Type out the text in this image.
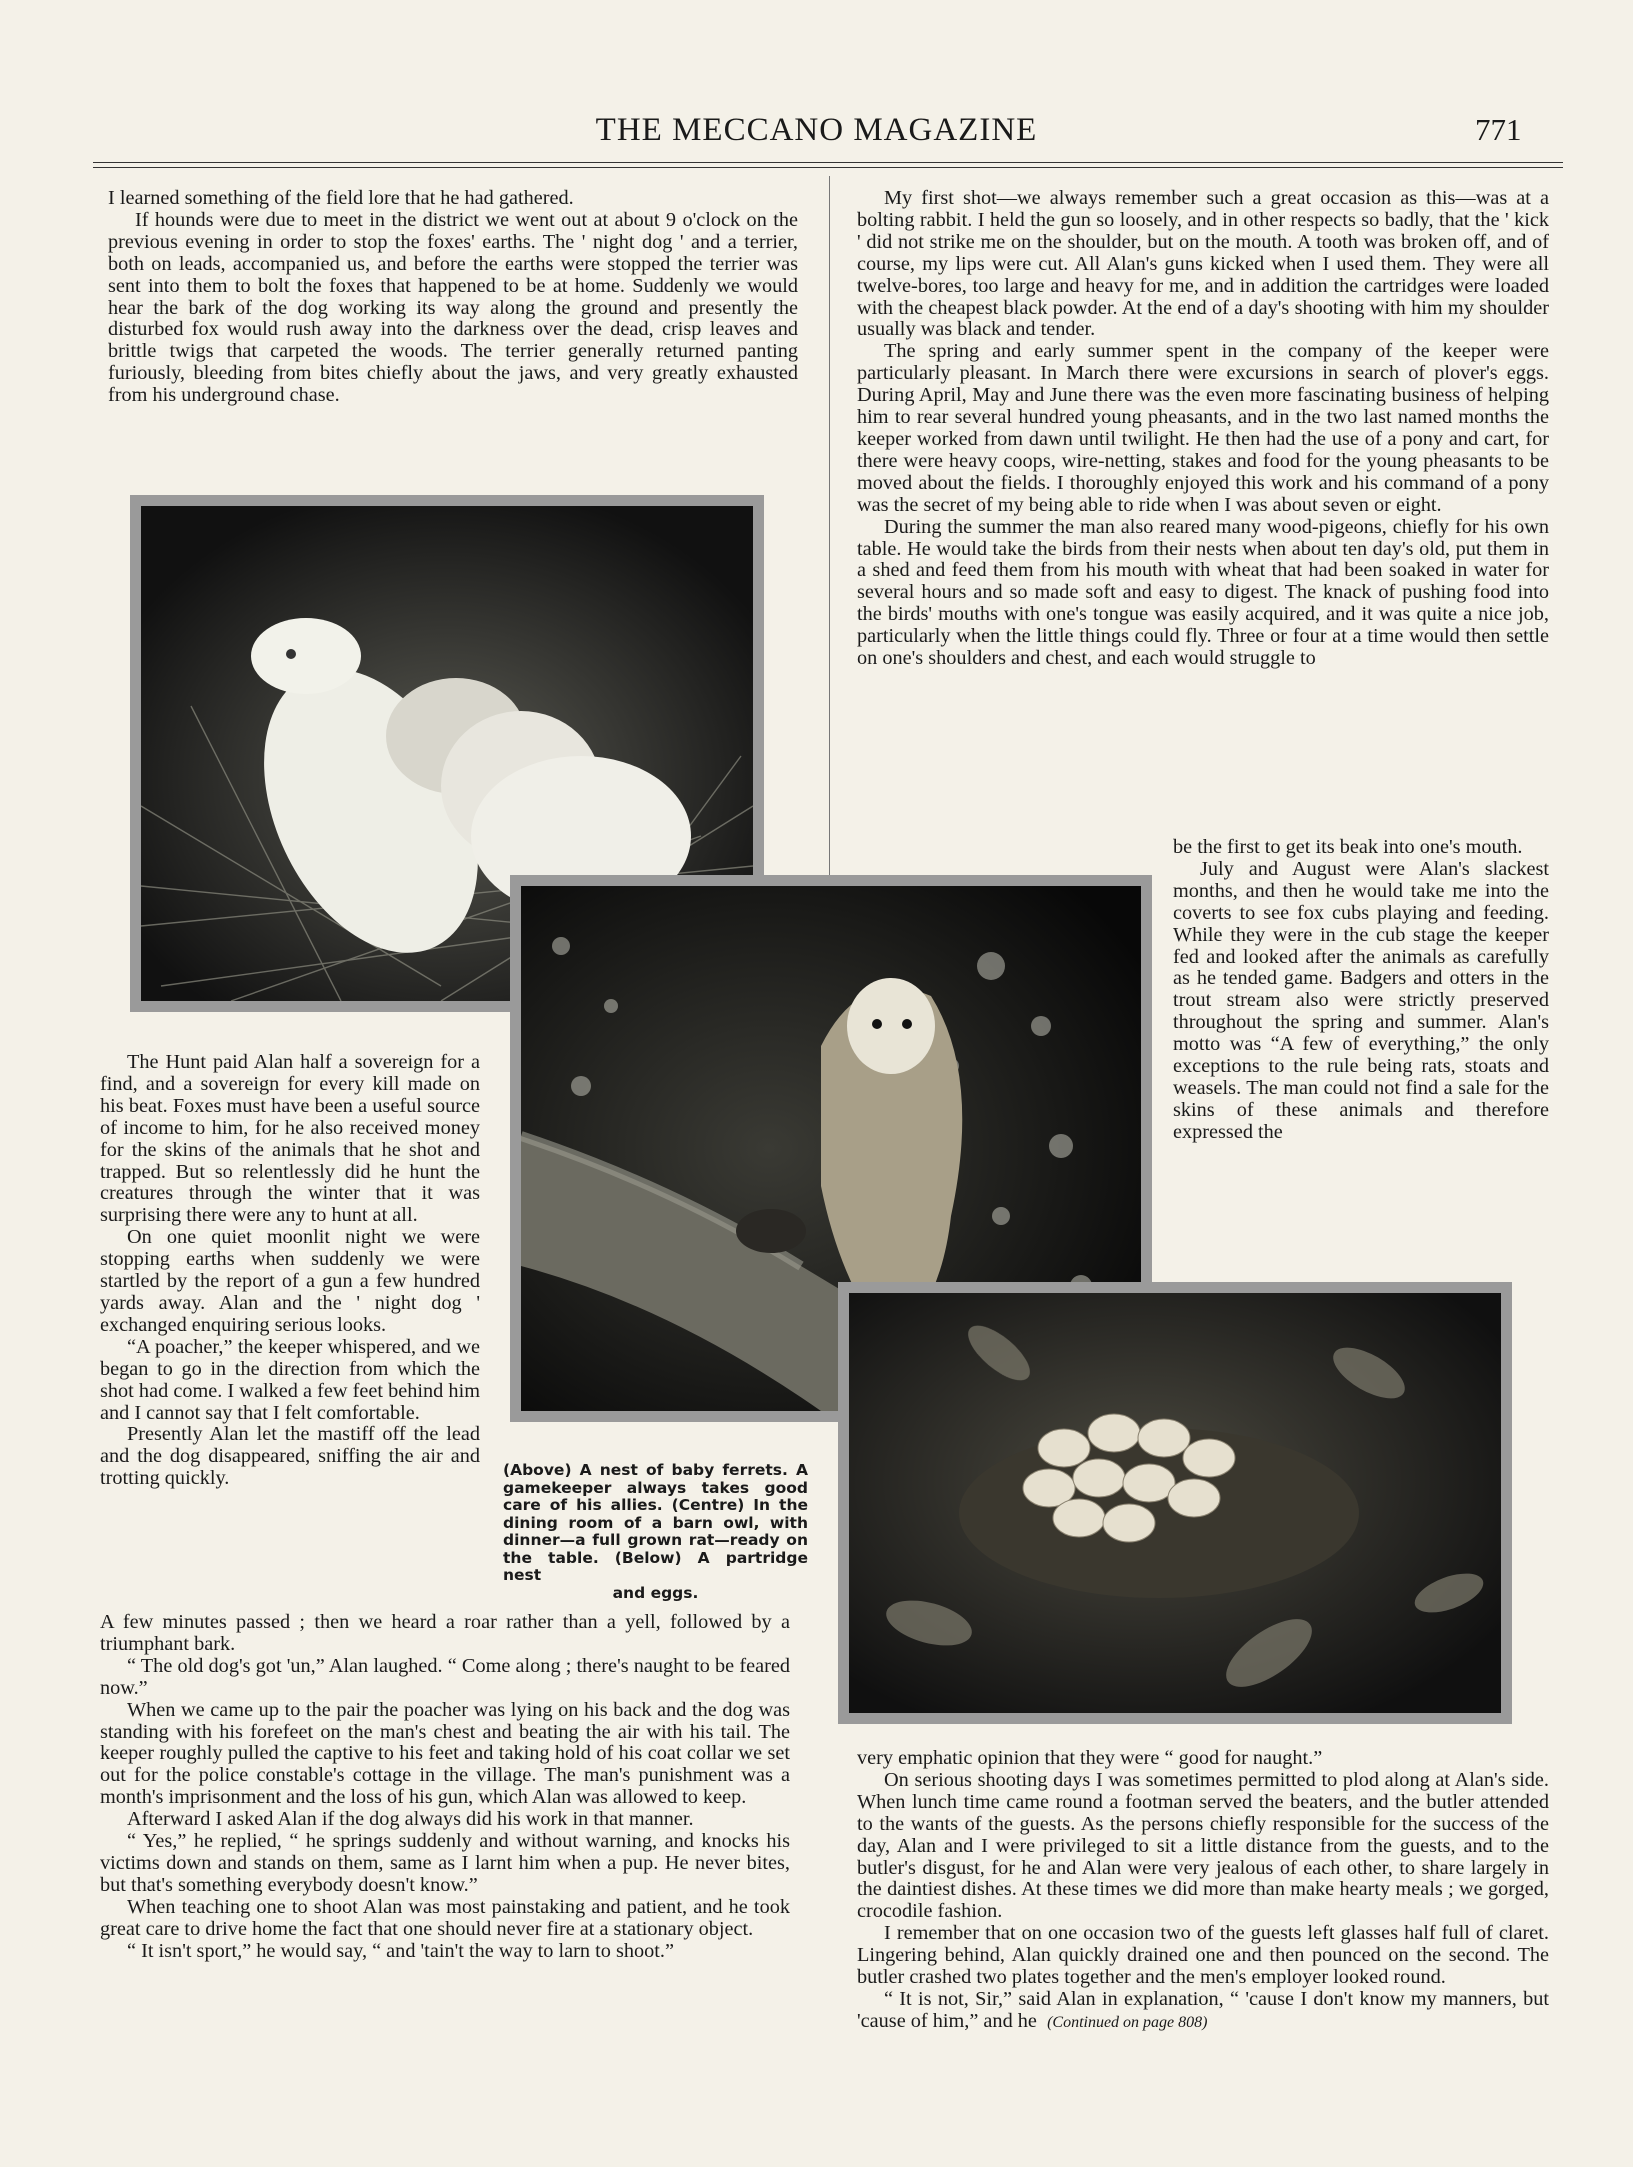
THE MECCANO MAGAZINE	771

I learned something of the field lore that he had gathered.

If hounds were due to meet in the district we went out at about 9 o'clock on the previous evening in order to stop the foxes' earths. The ' night dog ' and a terrier, both on leads, accompanied us, and before the earths were stopped the terrier was sent into them to bolt the foxes that happened to be at home. Suddenly we would hear the bark of the dog working its way along the ground and presently the disturbed fox would rush away into the darkness over the dead, crisp leaves and brittle twigs that carpeted the woods. The terrier generally returned panting furiously, bleeding from bites chiefly about the jaws, and very greatly exhausted from his underground chase.

(Above) A nest of baby ferrets. A gamekeeper always takes good care of his allies. (Centre) In the dining room of a barn owl, with dinner—a full grown rat—ready on the table. (Below) A partridge nest
and eggs.

The Hunt paid Alan half a sovereign for a find, and a sovereign for every kill made on his beat. Foxes must have been a useful source of income to him, for he also received money for the skins of the animals that he shot and trapped. But so relentlessly did he hunt the creatures through the winter that it was surprising there were any to hunt at all.

On one quiet moonlit night we were stopping earths when suddenly we were startled by the report of a gun a few hundred yards away. Alan and the ' night dog ' exchanged enquiring serious looks.

“A poacher,” the keeper whispered, and we began to go in the direction from which the shot had come. I walked a few feet behind him and I cannot say that I felt comfortable.

Presently Alan let the mastiff off the lead and the dog disappeared, sniffing the air and trotting quickly.

A few minutes passed ; then we heard a roar rather than a yell, followed by a triumphant bark.

“ The old dog's got 'un,” Alan laughed. “ Come along ; there's naught to be feared now.”

When we came up to the pair the poacher was lying on his back and the dog was standing with his forefeet on the man's chest and beating the air with his tail. The keeper roughly pulled the captive to his feet and taking hold of his coat collar we set out for the police constable's cottage in the village. The man's punishment was a month's imprisonment and the loss of his gun, which Alan was allowed to keep.

Afterward I asked Alan if the dog always did his work in that manner.

“ Yes,” he replied, “ he springs suddenly and without warning, and knocks his victims down and stands on them, same as I larnt him when a pup. He never bites, but that's something everybody doesn't know.”

When teaching one to shoot Alan was most painstaking and patient, and he took great care to drive home the fact that one should never fire at a stationary object.

“ It isn't sport,” he would say, “ and 'tain't the way to larn to shoot.”

My first shot—we always remember such a great occasion as this—was at a bolting rabbit. I held the gun so loosely, and in other respects so badly, that the ' kick ' did not strike me on the shoulder, but on the mouth. A tooth was broken off, and of course, my lips were cut. All Alan's guns kicked when I used them. They were all twelve-bores, too large and heavy for me, and in addition the cartridges were loaded with the cheapest black powder. At the end of a day's shooting with him my shoulder usually was black and tender.

The spring and early summer spent in the company of the keeper were particularly pleasant. In March there were excursions in search of plover's eggs. During April, May and June there was the even more fascinating business of helping him to rear several hundred young pheasants, and in the two last named months the keeper worked from dawn until twilight. He then had the use of a pony and cart, for there were heavy coops, wire-netting, stakes and food for the young pheasants to be moved about the fields. I thoroughly enjoyed this work and his command of a pony was the secret of my being able to ride when I was about seven or eight.

During the summer the man also reared many wood-pigeons, chiefly for his own table. He would take the birds from their nests when about ten day's old, put them in a shed and feed them from his mouth with wheat that had been soaked in water for several hours and so made soft and easy to digest. The knack of pushing food into the birds' mouths with one's tongue was easily acquired, and it was quite a nice job, particularly when the little things could fly. Three or four at a time would then settle on one's shoulders and chest, and each would struggle to

be the first to get its beak into one's mouth.

July and August were Alan's slackest months, and then he would take me into the coverts to see fox cubs playing and feeding. While they were in the cub stage the keeper fed and looked after the animals as carefully as he tended game. Badgers and otters in the trout stream also were strictly preserved throughout the spring and summer. Alan's motto was “A few of everything,” the only exceptions to the rule being rats, stoats and weasels. The man could not find a sale for the skins of these animals and therefore expressed the

very emphatic opinion that they were “ good for naught.”

On serious shooting days I was sometimes permitted to plod along at Alan's side. When lunch time came round a footman served the beaters, and the butler attended to the wants of the guests. As the persons chiefly responsible for the success of the day, Alan and I were privileged to sit a little distance from the guests, and to the butler's disgust, for he and Alan were very jealous of each other, to share largely in the daintiest dishes. At these times we did more than make hearty meals ; we gorged, crocodile fashion.

I remember that on one occasion two of the guests left glasses half full of claret. Lingering behind, Alan quickly drained one and then pounced on the second. The butler crashed two plates together and the men's employer looked round.

“ It is not, Sir,” said Alan in explanation, “ 'cause I don't know my manners, but 'cause of him,” and he (Continued on page 808)
